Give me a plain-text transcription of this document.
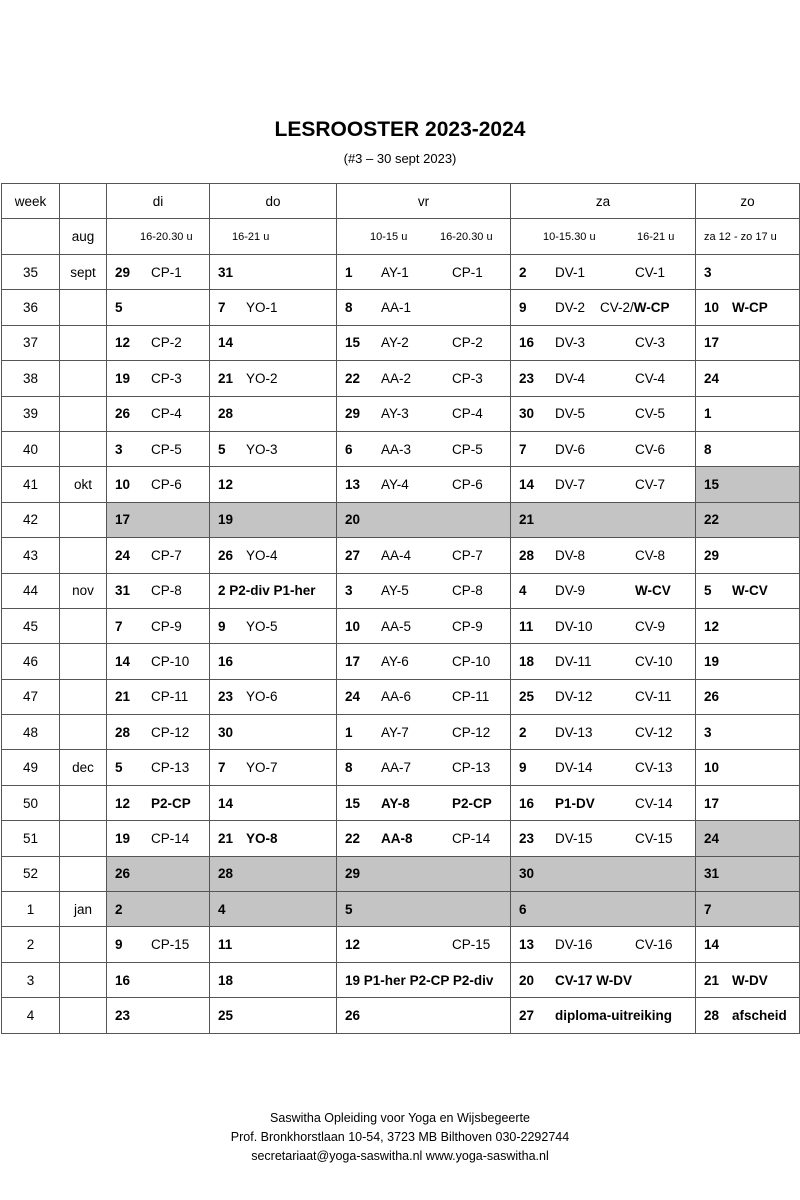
LESROOSTER 2023-2024
(#3 – 30 sept 2023)
week		di	do	vr	za	zo
	aug	16-20.30 u	16-21 u	10-15 u 16-20.30 u	10-15.30 u 16-21 u	za 12 - zo 17 u
35	sept	29 CP-1	31	1 AY-1 CP-1	2 DV-1 CV-1	3
36		5	7 YO-1	8 AA-1	9 DV-2 CV-2/W-CP	10 W-CP
37		12 CP-2	14	15 AY-2 CP-2	16 DV-3 CV-3	17
38		19 CP-3	21 YO-2	22 AA-2 CP-3	23 DV-4 CV-4	24
39		26 CP-4	28	29 AY-3 CP-4	30 DV-5 CV-5	1
40		3 CP-5	5 YO-3	6 AA-3 CP-5	7 DV-6 CV-6	8
41	okt	10 CP-6	12	13 AY-4 CP-6	14 DV-7 CV-7	15
42		17	19	20	21	22
43		24 CP-7	26 YO-4	27 AA-4 CP-7	28 DV-8 CV-8	29
44	nov	31 CP-8	2 P2-div P1-her	3 AY-5 CP-8	4 DV-9 W-CV	5 W-CV
45		7 CP-9	9 YO-5	10 AA-5 CP-9	11 DV-10 CV-9	12
46		14 CP-10	16	17 AY-6 CP-10	18 DV-11 CV-10	19
47		21 CP-11	23 YO-6	24 AA-6 CP-11	25 DV-12 CV-11	26
48		28 CP-12	30	1 AY-7 CP-12	2 DV-13 CV-12	3
49	dec	5 CP-13	7 YO-7	8 AA-7 CP-13	9 DV-14 CV-13	10
50		12 P2-CP	14	15 AY-8 P2-CP	16 P1-DV CV-14	17
51		19 CP-14	21 YO-8	22 AA-8 CP-14	23 DV-15 CV-15	24
52		26	28	29	30	31
1	jan	2	4	5	6	7
2		9 CP-15	11	12 CP-15	13 DV-16 CV-16	14
3		16	18	19 P1-her P2-CP P2-div	20 CV-17 W-DV	21 W-DV
4		23	25	26	27 diploma-uitreiking	28 afscheid
Saswitha Opleiding voor Yoga en Wijsbegeerte
Prof. Bronkhorstlaan 10-54, 3723 MB Bilthoven 030-2292744
secretariaat@yoga-saswitha.nl www.yoga-saswitha.nl
